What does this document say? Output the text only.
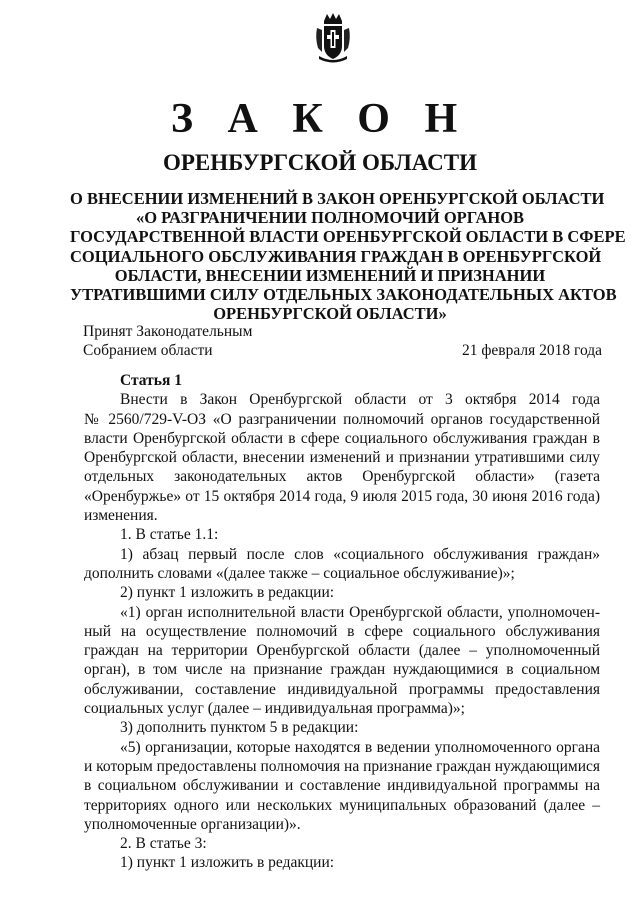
З А К О Н
ОРЕНБУРГСКОЙ ОБЛАСТИ
О ВНЕСЕНИИ ИЗМЕНЕНИЙ В ЗАКОН ОРЕНБУРГСКОЙ ОБЛАСТИ
«О РАЗГРАНИЧЕНИИ ПОЛНОМОЧИЙ ОРГАНОВ
ГОСУДАРСТВЕННОЙ ВЛАСТИ ОРЕНБУРГСКОЙ ОБЛАСТИ В СФЕРЕ
СОЦИАЛЬНОГО ОБСЛУЖИВАНИЯ ГРАЖДАН В ОРЕНБУРГСКОЙ
ОБЛАСТИ, ВНЕСЕНИИ ИЗМЕНЕНИЙ И ПРИЗНАНИИ
УТРАТИВШИМИ СИЛУ ОТДЕЛЬНЫХ ЗАКОНОДАТЕЛЬНЫХ АКТОВ
ОРЕНБУРГСКОЙ ОБЛАСТИ»
Принят Законодательным
Собранием области	21 февраля 2018 года
Статья 1
Внести в Закон Оренбургской области от 3 октября 2014 года
№ 2560/729-V-ОЗ «О разграничении полномочий органов государственной
власти Оренбургской области в сфере социального обслуживания граждан в
Оренбургской области, внесении изменений и признании утратившими силу
отдельных законодательных актов Оренбургской области» (газета
«Оренбуржье» от 15 октября 2014 года, 9 июля 2015 года, 30 июня 2016 года)
изменения.
1. В статье 1.1:
1) абзац первый после слов «социального обслуживания граждан»
дополнить словами «(далее также – социальное обслуживание)»;
2) пункт 1 изложить в редакции:
«1) орган исполнительной власти Оренбургской области, уполномочен-
ный на осуществление полномочий в сфере социального обслуживания
граждан на территории Оренбургской области (далее – уполномоченный
орган), в том числе на признание граждан нуждающимися в социальном
обслуживании, составление индивидуальной программы предоставления
социальных услуг (далее – индивидуальная программа)»;
3) дополнить пунктом 5 в редакции:
«5) организации, которые находятся в ведении уполномоченного органа
и которым предоставлены полномочия на признание граждан нуждающимися
в социальном обслуживании и составление индивидуальной программы на
территориях одного или нескольких муниципальных образований (далее –
уполномоченные организации)».
2. В статье 3:
1) пункт 1 изложить в редакции:
